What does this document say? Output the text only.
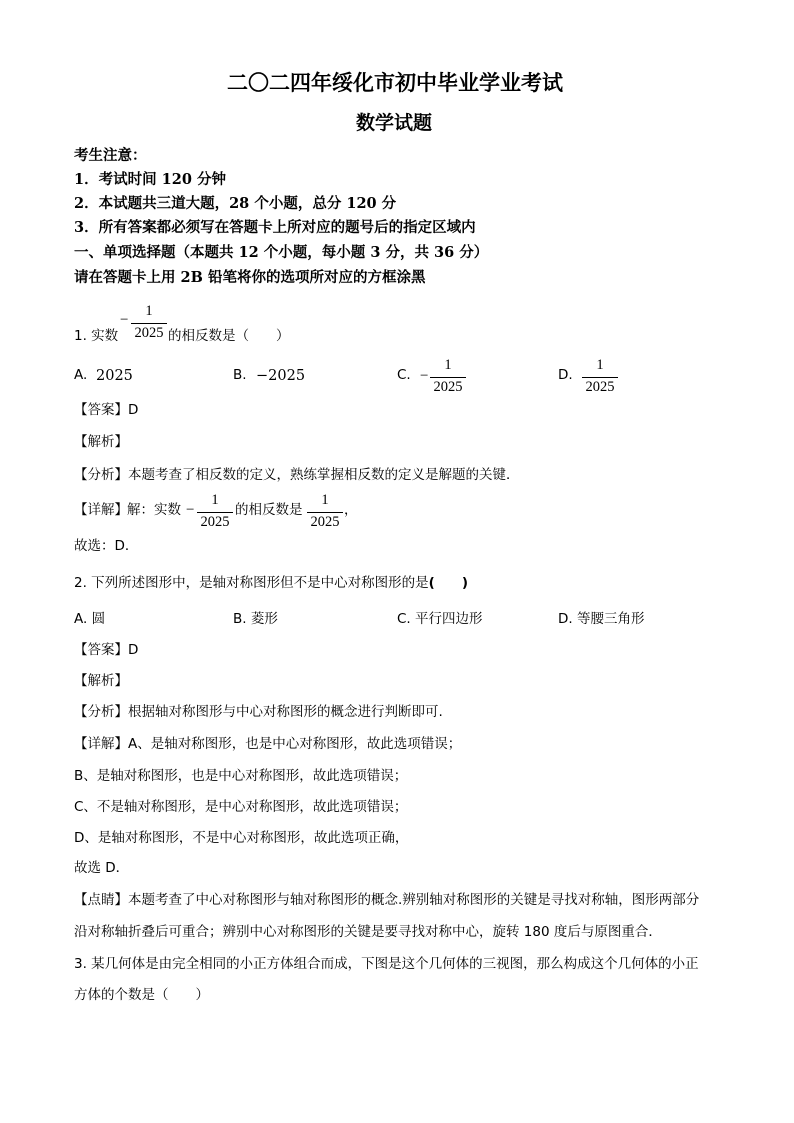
二〇二四年绥化市初中毕业学业考试
数学试题
考生注意：
1．考试时间 120 分钟
2．本试题共三道大题，28 个小题，总分 120 分
3．所有答案都必须写在答题卡上所对应的题号后的指定区域内
一、单项选择题（本题共 12 个小题，每小题 3 分，共 36 分）
请在答题卡上用 2B 铅笔将你的选项所对应的方框涂黑
1. 实数
−
1
2025 的相反数是（　　）
A. 2025	B. −2025	C. −
1
2025
D.
1
2025
【答案】D
【解析】
【分析】本题考查了相反数的定义，熟练掌握相反数的定义是解题的关键．
【详解】 解：实数 −
1
2025
的相反数是
1
2025
，
故选：D．
2. 下列所述图形中，是轴对称图形但不是中心对称图形的是(　　)
A. 圆	B. 菱形	C. 平行四边形	D. 等腰三角形
【答案】D
【解析】
【分析】根据轴对称图形与中心对称图形的概念进行判断即可.
【详解】A、是轴对称图形，也是中心对称图形，故此选项错误；
B、是轴对称图形，也是中心对称图形，故此选项错误；
C、不是轴对称图形，是中心对称图形，故此选项错误；
D、是轴对称图形，不是中心对称图形，故此选项正确，
故选 D．
【点睛】本题考查了中心对称图形与轴对称图形的概念.辨别轴对称图形的关键是寻找对称轴，图形两部分
沿对称轴折叠后可重合；辨别中心对称图形的关键是要寻找对称中心，旋转 180 度后与原图重合．
3. 某几何体是由完全相同的小正方体组合而成，下图是这个几何体的三视图，那么构成这个几何体的小正
方体的个数是（　　）
